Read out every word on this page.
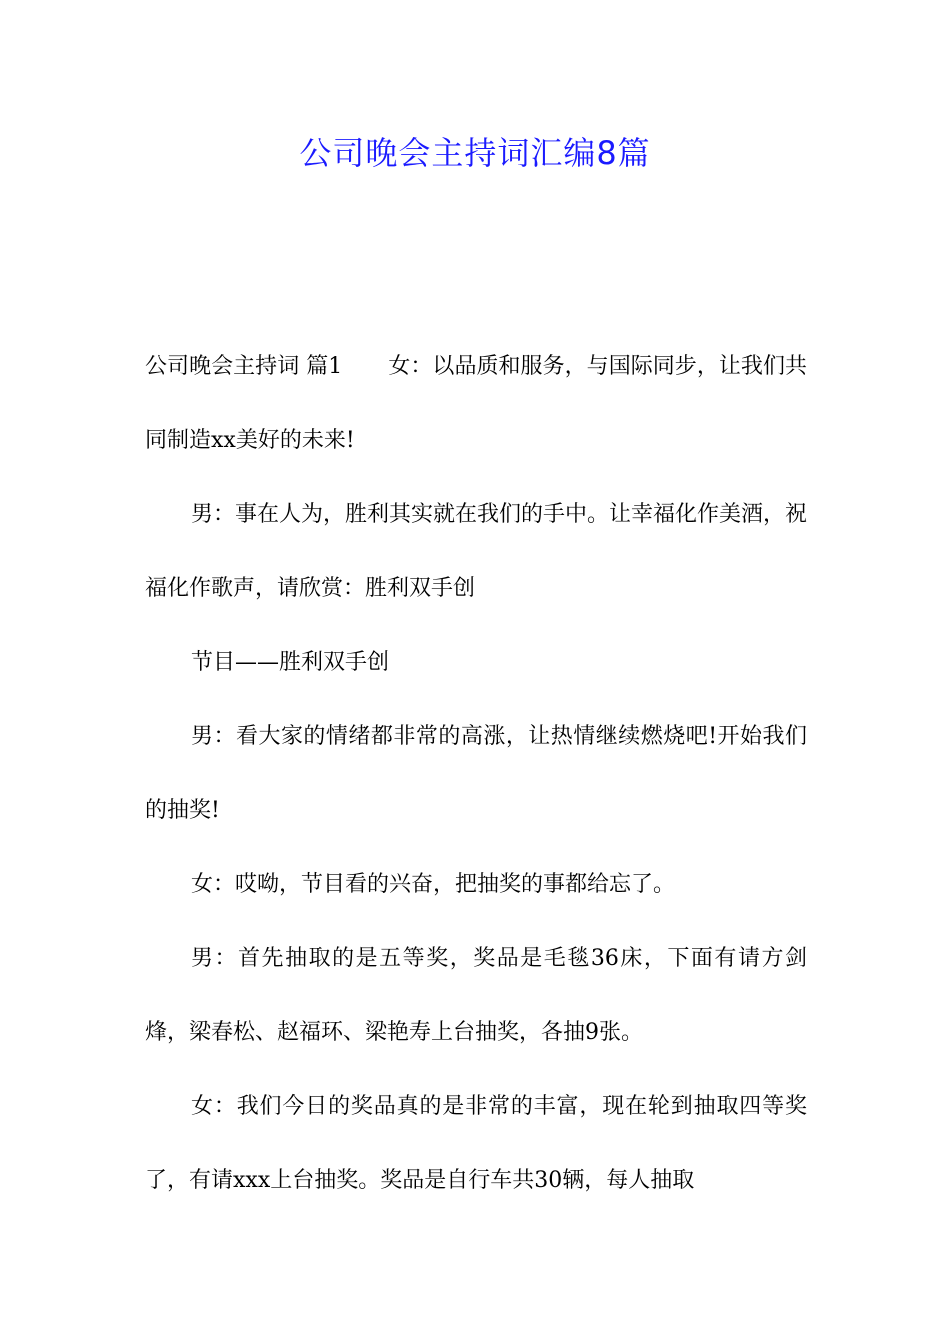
公司晚会主持词汇编8篇

公司晚会主持词 篇1 女：以品质和服务，与国际同步，让我们共同制造xx美好的未来!

男：事在人为，胜利其实就在我们的手中。让幸福化作美酒，祝福化作歌声，请欣赏：胜利双手创

节目——胜利双手创

男：看大家的情绪都非常的高涨，让热情继续燃烧吧!开始我们的抽奖!

女：哎呦，节目看的兴奋，把抽奖的事都给忘了。

男：首先抽取的是五等奖，奖品是毛毯36床，下面有请方剑烽，梁春松、赵福环、梁艳寿上台抽奖，各抽9张。

女：我们今日的奖品真的是非常的丰富，现在轮到抽取四等奖了，有请xxx上台抽奖。奖品是自行车共30辆，每人抽取
